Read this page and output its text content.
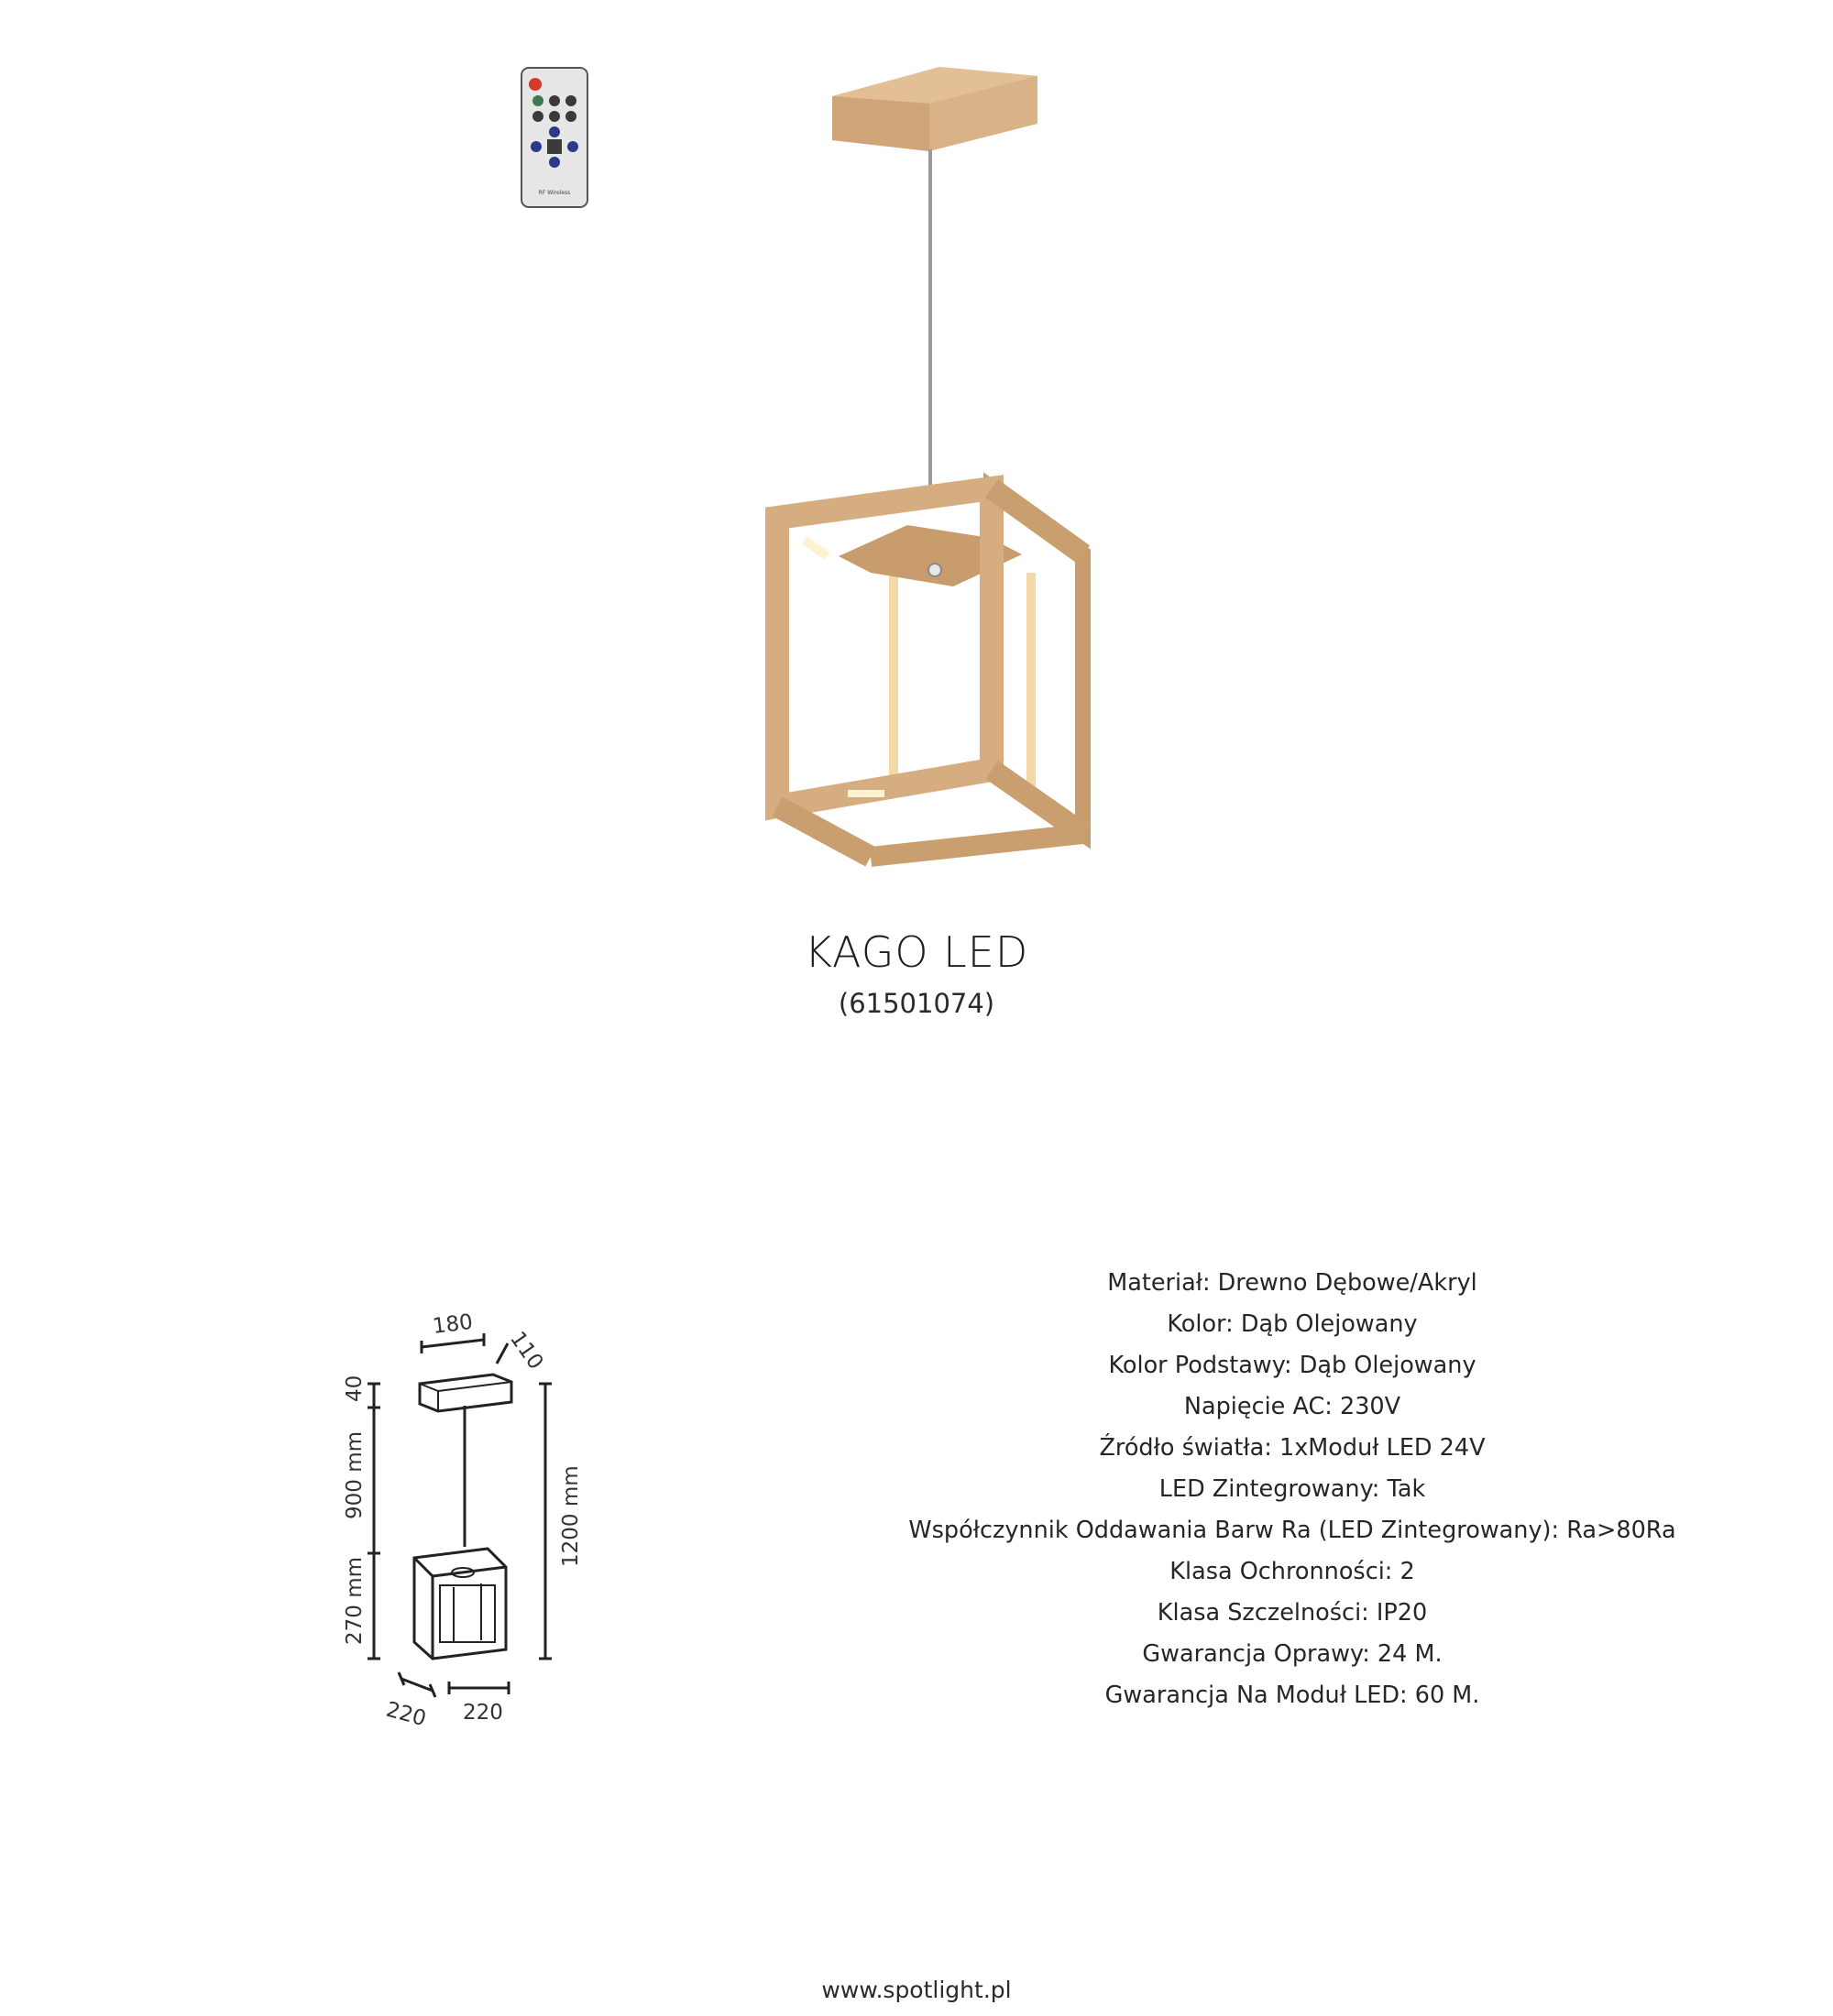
RF Wireless
KAGO LED
(61501074)
180
110
40
900 mm
270 mm
1200 mm
220 220
Materiał: Drewno Dębowe/Akryl
Kolor: Dąb Olejowany
Kolor Podstawy: Dąb Olejowany
Napięcie AC: 230V
Źródło światła: 1xModuł LED 24V
LED Zintegrowany: Tak
Współczynnik Oddawania Barw Ra (LED Zintegrowany): Ra>80Ra
Klasa Ochronności: 2
Klasa Szczelności: IP20
Gwarancja Oprawy: 24 M.
Gwarancja Na Moduł LED: 60 M.
www.spotlight.pl
